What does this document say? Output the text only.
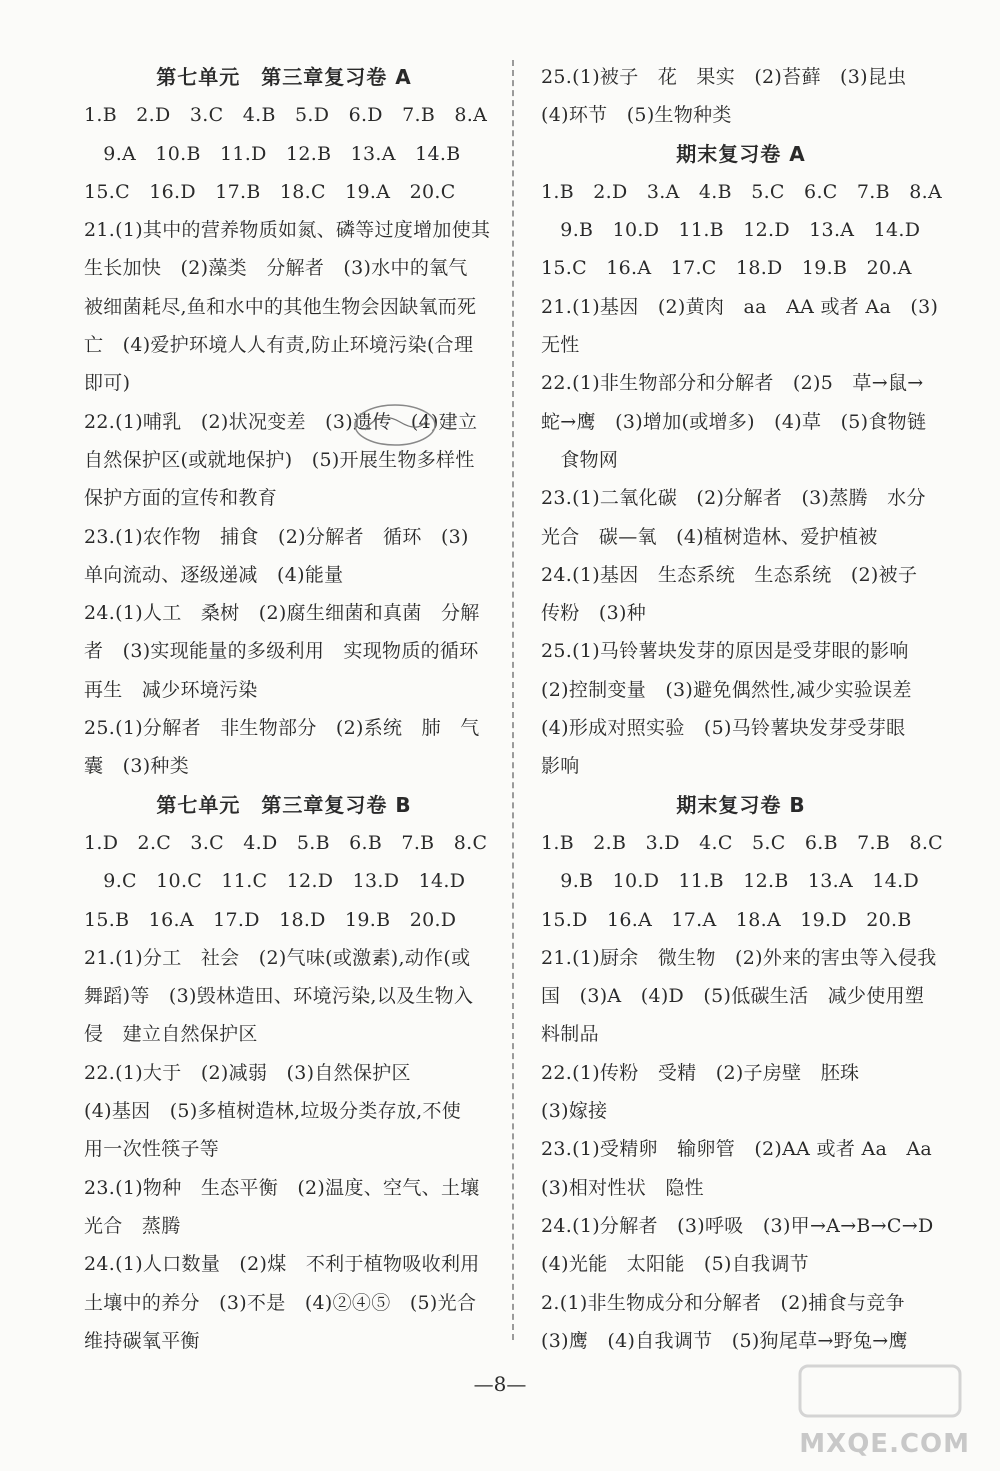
第七单元　第三章复习卷 A
1.B　2.D　3.C　4.B　5.D　6.D　7.B　8.A
　9.A　10.B　11.D　12.B　13.A　14.B
15.C　16.D　17.B　18.C　19.A　20.C
21.(1)其中的营养物质如氮、磷等过度增加使其
生长加快　(2)藻类　分解者　(3)水中的氧气
被细菌耗尽,鱼和水中的其他生物会因缺氧而死
亡　(4)爱护环境人人有责,防止环境污染(合理
即可)
22.(1)哺乳　(2)状况变差　(3)遗传　(4)建立
自然保护区(或就地保护)　(5)开展生物多样性
保护方面的宣传和教育
23.(1)农作物　捕食　(2)分解者　循环　(3)
单向流动、逐级递减　(4)能量
24.(1)人工　桑树　(2)腐生细菌和真菌　分解
者　(3)实现能量的多级利用　实现物质的循环
再生　减少环境污染
25.(1)分解者　非生物部分　(2)系统　肺　气
囊　(3)种类
第七单元　第三章复习卷 B
1.D　2.C　3.C　4.D　5.B　6.B　7.B　8.C
　9.C　10.C　11.C　12.D　13.D　14.D
15.B　16.A　17.D　18.D　19.B　20.D
21.(1)分工　社会　(2)气味(或激素),动作(或
舞蹈)等　(3)毁林造田、环境污染,以及生物入
侵　建立自然保护区
22.(1)大于　(2)减弱　(3)自然保护区
(4)基因　(5)多植树造林,垃圾分类存放,不使
用一次性筷子等
23.(1)物种　生态平衡　(2)温度、空气、土壤
光合　蒸腾
24.(1)人口数量　(2)煤　不利于植物吸收利用
土壤中的养分　(3)不是　(4)②④⑤　(5)光合
维持碳氧平衡
25.(1)被子　花　果实　(2)苔藓　(3)昆虫
(4)环节　(5)生物种类
期末复习卷 A
1.B　2.D　3.A　4.B　5.C　6.C　7.B　8.A
　9.B　10.D　11.B　12.D　13.A　14.D
15.C　16.A　17.C　18.D　19.B　20.A
21.(1)基因　(2)黄肉　aa　AA 或者 Aa　(3)
无性
22.(1)非生物部分和分解者　(2)5　草→鼠→
蛇→鹰　(3)增加(或增多)　(4)草　(5)食物链
　食物网
23.(1)二氧化碳　(2)分解者　(3)蒸腾　水分
光合　碳—氧　(4)植树造林、爱护植被
24.(1)基因　生态系统　生态系统　(2)被子
传粉　(3)种
25.(1)马铃薯块发芽的原因是受芽眼的影响
(2)控制变量　(3)避免偶然性,减少实验误差
(4)形成对照实验　(5)马铃薯块发芽受芽眼
影响
期末复习卷 B
1.B　2.B　3.D　4.C　5.C　6.B　7.B　8.C
　9.B　10.D　11.B　12.B　13.A　14.D
15.D　16.A　17.A　18.A　19.D　20.B
21.(1)厨余　微生物　(2)外来的害虫等入侵我
国　(3)A　(4)D　(5)低碳生活　减少使用塑
料制品
22.(1)传粉　受精　(2)子房壁　胚珠
(3)嫁接
23.(1)受精卵　输卵管　(2)AA 或者 Aa　Aa
(3)相对性状　隐性
24.(1)分解者　(3)呼吸　(3)甲→A→B→C→D
(4)光能　太阳能　(5)自我调节
2.(1)非生物成分和分解者　(2)捕食与竞争
(3)鹰　(4)自我调节　(5)狗尾草→野兔→鹰
—8—
MXQE.COM
